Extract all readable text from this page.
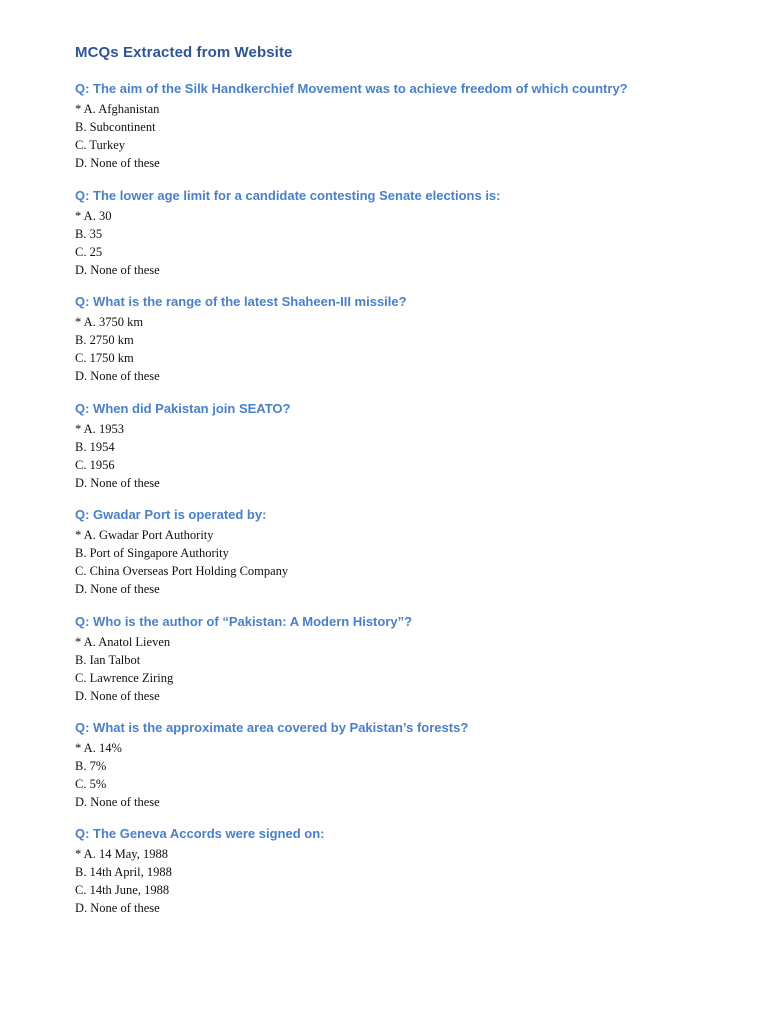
MCQs Extracted from Website
Q: The aim of the Silk Handkerchief Movement was to achieve freedom of which country?
* A. Afghanistan
B. Subcontinent
C. Turkey
D. None of these
Q: The lower age limit for a candidate contesting Senate elections is:
* A. 30
B. 35
C. 25
D. None of these
Q: What is the range of the latest Shaheen-III missile?
* A. 3750 km
B. 2750 km
C. 1750 km
D. None of these
Q: When did Pakistan join SEATO?
* A. 1953
B. 1954
C. 1956
D. None of these
Q: Gwadar Port is operated by:
* A. Gwadar Port Authority
B. Port of Singapore Authority
C. China Overseas Port Holding Company
D. None of these
Q: Who is the author of “Pakistan: A Modern History”?
* A. Anatol Lieven
B. Ian Talbot
C. Lawrence Ziring
D. None of these
Q: What is the approximate area covered by Pakistan’s forests?
* A. 14%
B. 7%
C. 5%
D. None of these
Q: The Geneva Accords were signed on:
* A. 14 May, 1988
B. 14th April, 1988
C. 14th June, 1988
D. None of these
